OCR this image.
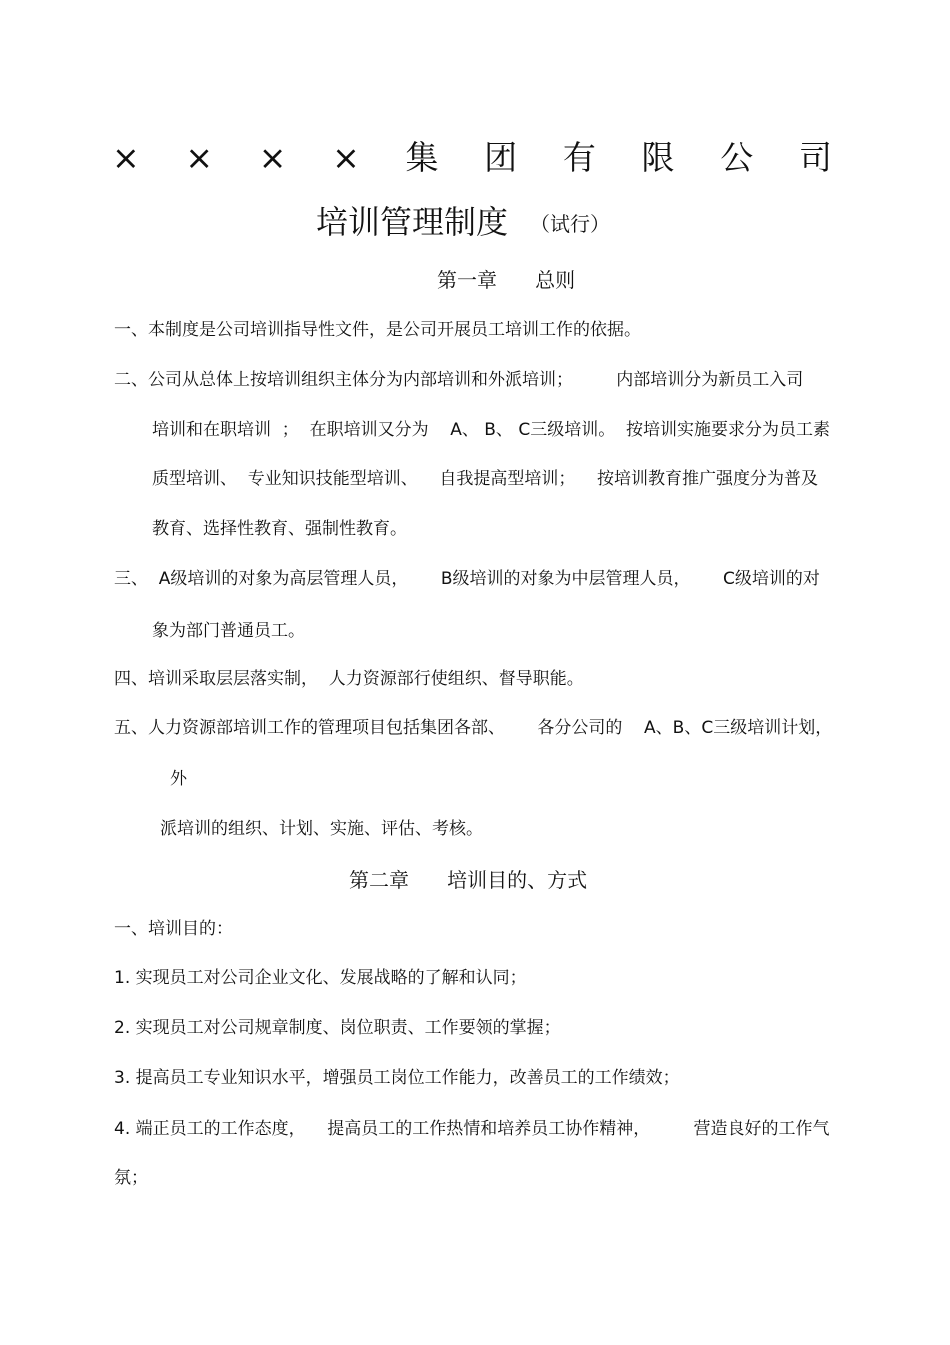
× × × × 集 团 有 限 公 司
培训管理制度 （试行）
第一章      总则
一、本制度是公司培训指导性文件，是公司开展员工培训工作的依据。
二、公司从总体上按培训组织主体分为内部培训和外派培训；        内部培训分为新员工入司
培训和在职培训  ；  在职培训又分为    A、 B、 C三级培训。  按培训实施要求分为员工素
质型培训、  专业知识技能型培训、    自我提高型培训；    按培训教育推广强度分为普及
教育、选择性教育、强制性教育。
三、  A级培训的对象为高层管理人员，      B级培训的对象为中层管理人员，      C级培训的对
象为部门普通员工。
四、培训采取层层落实制，  人力资源部行使组织、督导职能。
五、人力资源部培训工作的管理项目包括集团各部、      各分公司的    A、B、C三级培训计划，
外
派培训的组织、计划、实施、评估、考核。
第二章      培训目的、方式
一、培训目的：
1. 实现员工对公司企业文化、发展战略的了解和认同；
2. 实现员工对公司规章制度、岗位职责、工作要领的掌握；
3. 提高员工专业知识水平，增强员工岗位工作能力，改善员工的工作绩效；
4. 端正员工的工作态度，    提高员工的工作热情和培养员工协作精神，        营造良好的工作气
氛；
